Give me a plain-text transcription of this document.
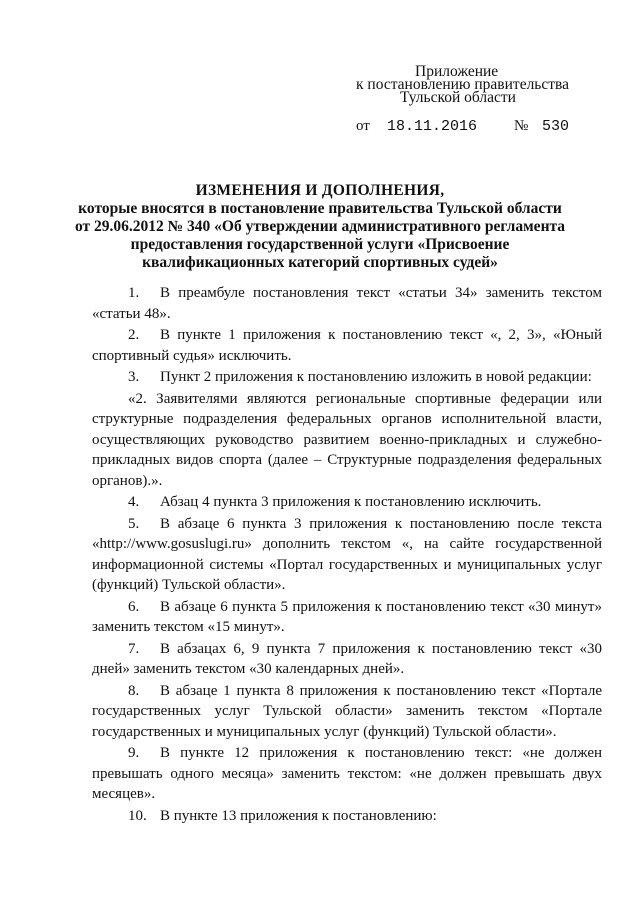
Приложение
к постановлению правительства
Тульской области
от 18.11.2016 № 530
ИЗМЕНЕНИЯ И ДОПОЛНЕНИЯ,
которые вносятся в постановление правительства Тульской области
от 29.06.2012 № 340 «Об утверждении административного регламента
предоставления государственной услуги «Присвоение
квалификационных категорий спортивных судей»

1. В преамбуле постановления текст «статьи 34» заменить текстом «статьи 48».

2. В пункте 1 приложения к постановлению текст «, 2, 3», «Юный спортивный судья» исключить.

3. Пункт 2 приложения к постановлению изложить в новой редакции:

«2. Заявителями являются региональные спортивные федерации или структурные подразделения федеральных органов исполнительной власти, осуществляющих руководство развитием военно-прикладных и служебно-прикладных видов спорта (далее – Структурные подразделения федеральных органов).».

4. Абзац 4 пункта 3 приложения к постановлению исключить.

5. В абзаце 6 пункта 3 приложения к постановлению после текста «http://www.gosuslugi.ru» дополнить текстом «, на сайте государственной информационной системы «Портал государственных и муниципальных услуг (функций) Тульской области».

6. В абзаце 6 пункта 5 приложения к постановлению текст «30 минут» заменить текстом «15 минут».

7. В абзацах 6, 9 пункта 7 приложения к постановлению текст «30 дней» заменить текстом «30 календарных дней».

8. В абзаце 1 пункта 8 приложения к постановлению текст «Портале государственных услуг Тульской области» заменить текстом «Портале государственных и муниципальных услуг (функций) Тульской области».

9. В пункте 12 приложения к постановлению текст: «не должен превышать одного месяца» заменить текстом: «не должен превышать двух месяцев».

10. В пункте 13 приложения к постановлению:
